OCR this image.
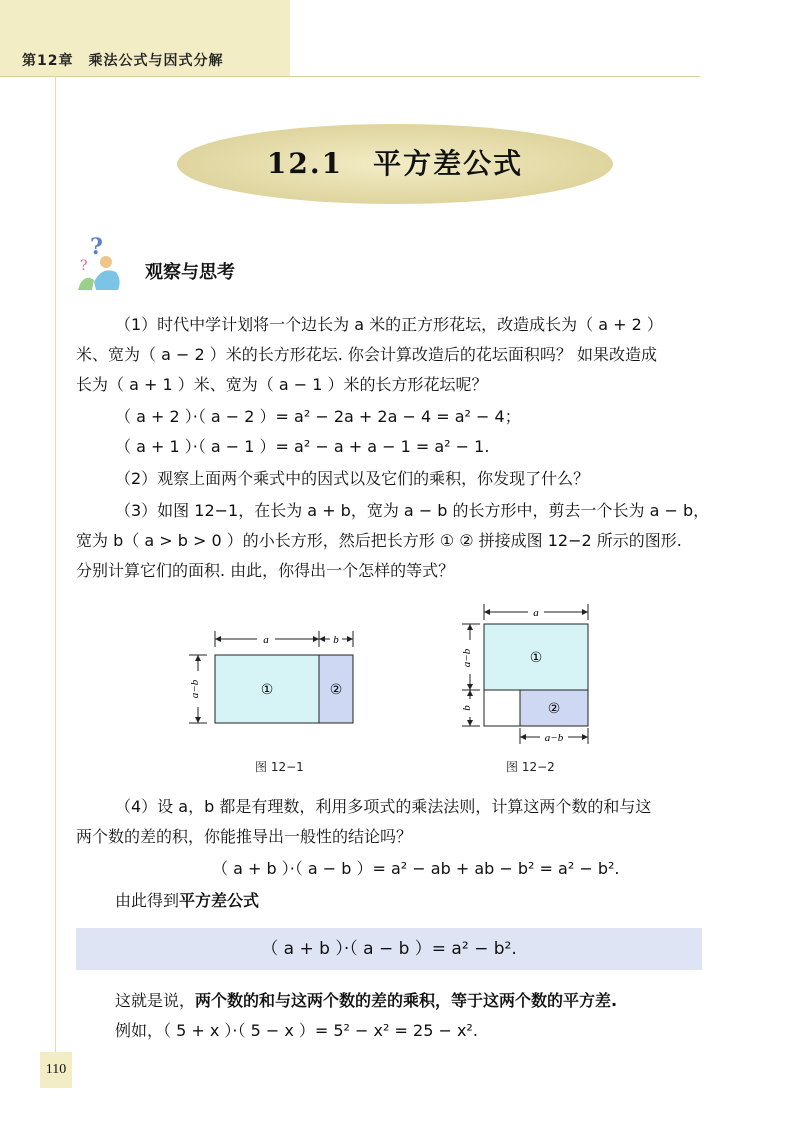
第12章　乘法公式与因式分解
12.1　平方差公式
?
?	观察与思考
（1）时代中学计划将一个边长为 a 米的正方形花坛，改造成长为（ a + 2 ）
米、宽为（ a − 2 ）米的长方形花坛. 你会计算改造后的花坛面积吗？ 如果改造成
长为（ a + 1 ）米、宽为（ a − 1 ）米的长方形花坛呢？
（ a + 2 ）·（ a − 2 ）= a² − 2a + 2a − 4 = a² − 4；
（ a + 1 ）·（ a − 1 ）= a² − a + a − 1 = a² − 1.
（2）观察上面两个乘式中的因式以及它们的乘积，你发现了什么？
（3）如图 12−1，在长为 a + b，宽为 a − b 的长方形中，剪去一个长为 a − b，
宽为 b（ a > b > 0 ）的小长方形，然后把长方形 ① ② 拼接成图 12−2 所示的图形.
分别计算它们的面积. 由此，你得出一个怎样的等式？
a	b
a−b	①	②
图 12−1
a
a−b
b
①
②
a−b
图 12−2
（4）设 a，b 都是有理数，利用多项式的乘法法则，计算这两个数的和与这
两个数的差的积，你能推导出一般性的结论吗？
（ a + b ）·（ a − b ）= a² − ab + ab − b² = a² − b².
由此得到平方差公式
（ a + b ）·（ a − b ）= a² − b².
这就是说，两个数的和与这两个数的差的乘积，等于这两个数的平方差.
例如，（ 5 + x ）·（ 5 − x ）= 5² − x² = 25 − x².
110
